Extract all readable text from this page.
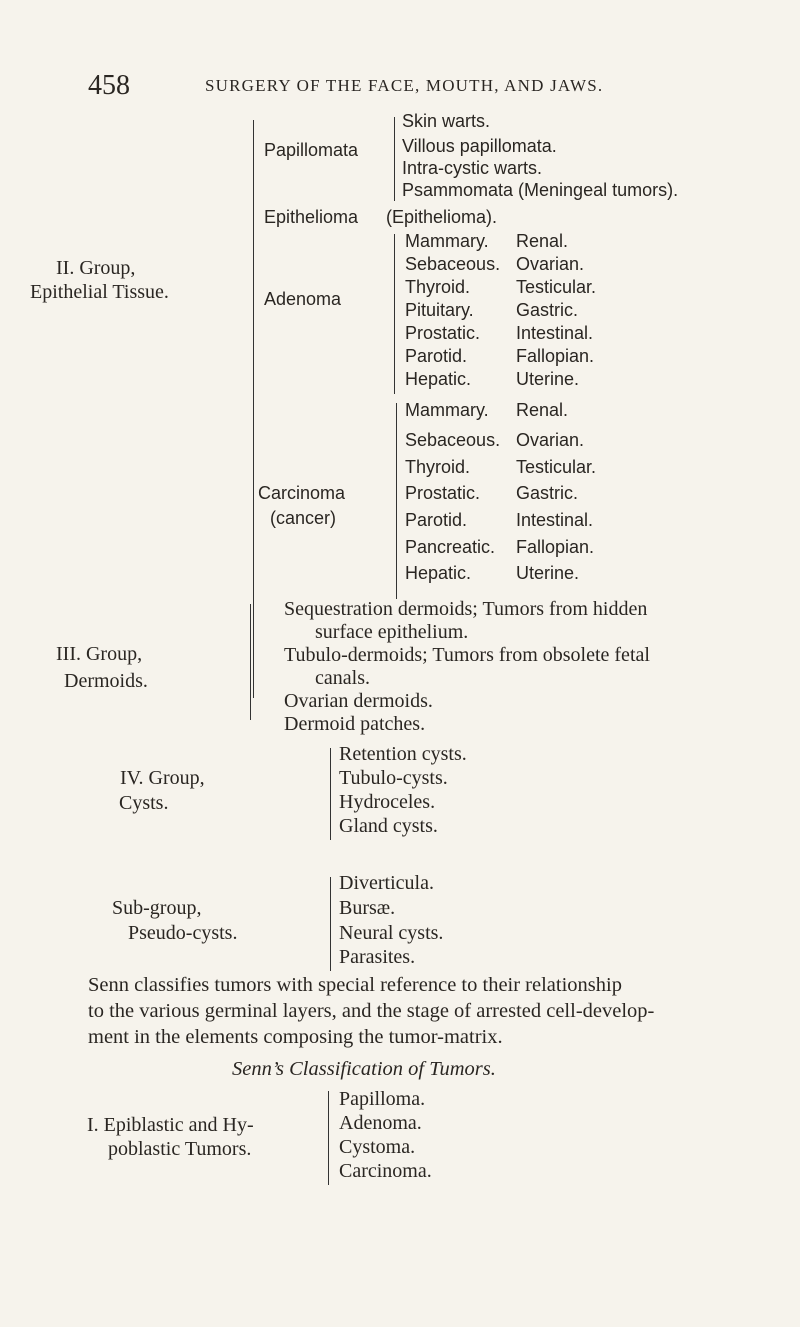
458	SURGERY OF THE FACE, MOUTH, AND JAWS.
II. Group,
Epithelial Tissue.
Papillomata
Skin warts.
Villous papillomata.
Intra-cystic warts.
Psammomata (Meningeal tumors).
Epithelioma (Epithelioma).
Adenoma
Mammary.
Sebaceous.
Thyroid.
Pituitary.
Prostatic.
Parotid.
Hepatic.
Renal.
Ovarian.
Testicular.
Gastric.
Intestinal.
Fallopian.
Uterine.
Carcinoma
(cancer)
Mammary.
Sebaceous.
Thyroid.
Prostatic.
Parotid.
Pancreatic.
Hepatic.
Renal.
Ovarian.
Testicular.
Gastric.
Intestinal.
Fallopian.
Uterine.
III. Group,
Dermoids.
Sequestration dermoids; Tumors from hidden
surface epithelium.
Tubulo-dermoids; Tumors from obsolete fetal
canals.
Ovarian dermoids.
Dermoid patches.
IV. Group,
Cysts.
Retention cysts.
Tubulo-cysts.
Hydroceles.
Gland cysts.
Sub-group,
Pseudo-cysts.
Diverticula.
Bursæ.
Neural cysts.
Parasites.
Senn classifies tumors with special reference to their relationship
to the various germinal layers, and the stage of arrested cell-develop-
ment in the elements composing the tumor-matrix.
Senn’s Classification of Tumors.
I. Epiblastic and Hy-
poblastic Tumors.
Papilloma.
Adenoma.
Cystoma.
Carcinoma.
